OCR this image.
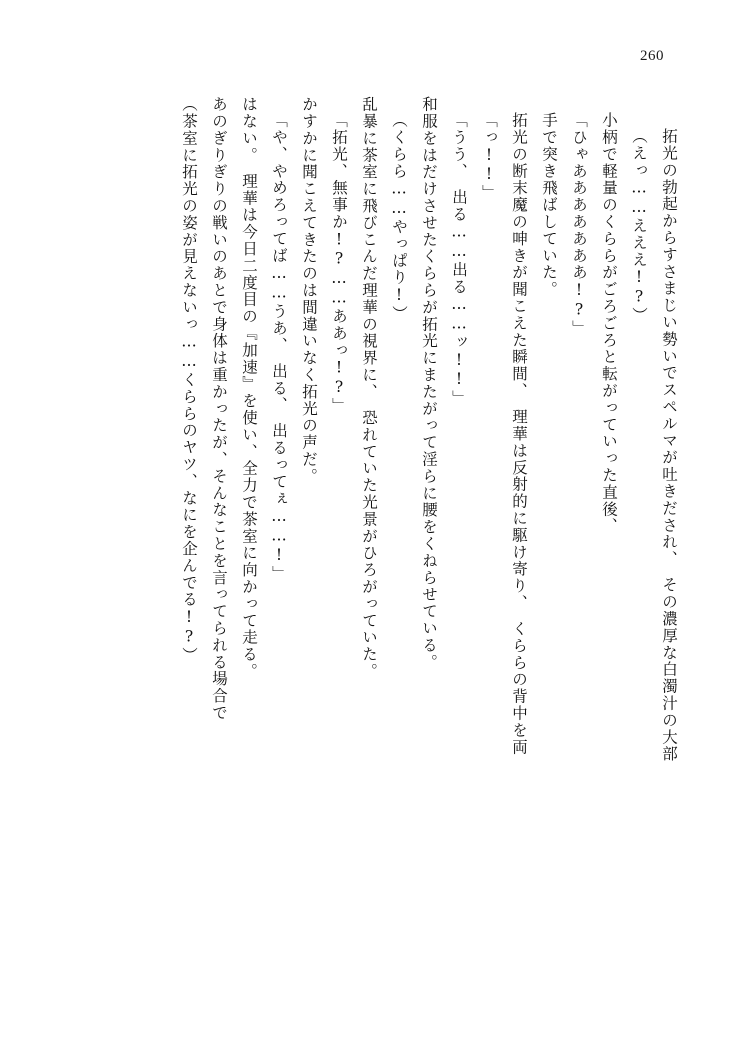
260
（茶室に拓光の姿が見えないっ……くららのヤツ、なにを企んでる!?） あのぎりぎりの戦いのあとで身体は重かったが、そんなことを言ってられる場合で はない。　理華は今日二度目の『加速』を使い、全力で茶室に向かって走る。 「や、やめろってば……うあ、　出る、　出るってぇ……!」 かすかに聞こえてきたのは間違いなく拓光の声だ。 「拓光、無事か!?……ああっ!?」 乱暴に茶室に飛びこんだ理華の視界に、　恐れていた光景がひろがっていた。 （くらら……やっぱり!） 和服をはだけさせたくららが拓光にまたがって淫らに腰をくねらせている。 「うう、　出る……出る……ッ!!」 「っ!!」 拓光の断末魔の呻きが聞こえた瞬間、　理華は反射的に駆け寄り、　くららの背中を両 手で突き飛ばしていた。 「ひゃあああああああ!?」 小柄で軽量のくららがごろごろと転がっていった直後、 （えっ……えええ!?） 拓光の勃起からすさまじい勢いでスペルマが吐きだされ、　その濃厚な白濁汁の大部
